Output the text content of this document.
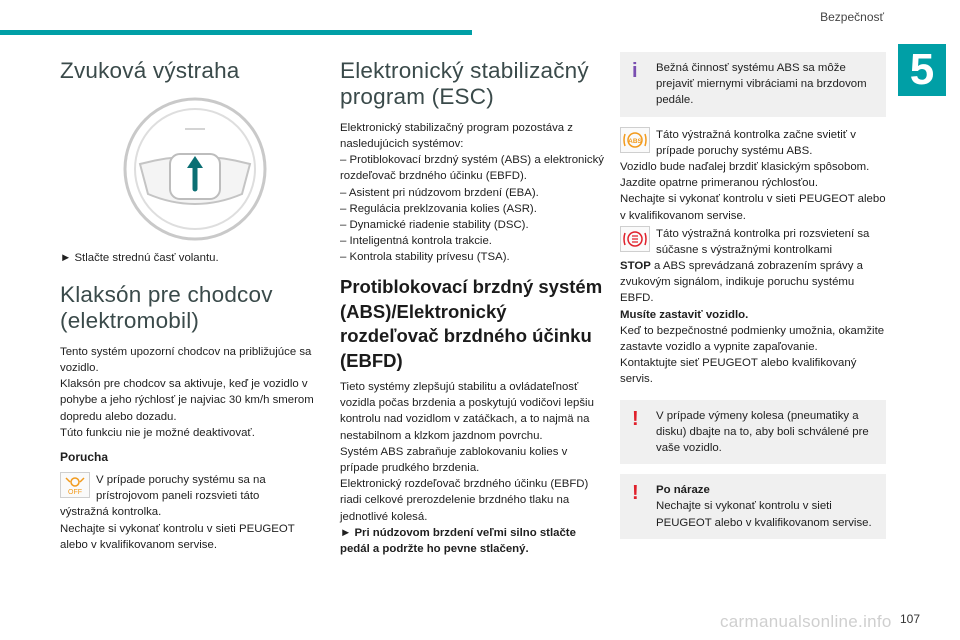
Bezpečnosť
5
Zvuková výstraha

► Stlačte strednú časť volantu.

Klaksón pre chodcov (elektromobil)

Tento systém upozorní chodcov na približujúce sa vozidlo.
Klaksón pre chodcov sa aktivuje, keď je vozidlo v pohybe a jeho rýchlosť je najviac 30 km/h smerom dopredu alebo dozadu.
Túto funkciu nie je možné deaktivovať.

Porucha
OFF

V prípade poruchy systému sa na prístrojovom paneli rozsvieti táto

výstražná kontrolka.
Nechajte si vykonať kontrolu v sieti PEUGEOT alebo v kvalifikovanom servise.

Elektronický stabilizačný program (ESC)

Elektronický stabilizačný program pozostáva z nasledujúcich systémov:
– Protiblokovací brzdný systém (ABS) a elektronický rozdeľovač brzdného účinku (EBFD).
– Asistent pri núdzovom brzdení (EBA).
– Regulácia preklzovania kolies (ASR).
– Dynamické riadenie stability (DSC).
– Inteligentná kontrola trakcie.
– Kontrola stability prívesu (TSA).

Protiblokovací brzdný systém (ABS)/Elektronický rozdeľovač brzdného účinku (EBFD)

Tieto systémy zlepšujú stabilitu a ovládateľnosť vozidla počas brzdenia a poskytujú vodičovi lepšiu kontrolu nad vozidlom v zatáčkach, a to najmä na nestabilnom a klzkom jazdnom povrchu.
Systém ABS zabraňuje zablokovaniu kolies v prípade prudkého brzdenia.
Elektronický rozdeľovač brzdného účinku (EBFD) riadi celkové prerozdelenie brzdného tlaku na jednotlivé kolesá.

► Pri núdzovom brzdení veľmi silno stlačte pedál a podržte ho pevne stlačený.

i	Bežná činnosť systému ABS sa môže prejaviť miernymi vibráciami na brzdovom pedále.

ABS

Táto výstražná kontrolka začne svietiť v prípade poruchy systému ABS.

Vozidlo bude naďalej brzdiť klasickým spôsobom. Jazdite opatrne primeranou rýchlosťou.
Nechajte si vykonať kontrolu v sieti PEUGEOT alebo v kvalifikovanom servise.

Táto výstražná kontrolka pri rozsvietení sa súčasne s výstražnými kontrolkami

STOP a ABS sprevádzaná zobrazením správy a zvukovým signálom, indikuje poruchu systému EBFD.

Musíte zastaviť vozidlo.

Keď to bezpečnostné podmienky umožnia, okamžite zastavte vozidlo a vypnite zapaľovanie.
Kontaktujte sieť PEUGEOT alebo kvalifikovaný servis.

!	V prípade výmeny kolesa (pneumatiky a disku) dbajte na to, aby boli schválené pre vaše vozidlo.

! Po náraze

Nechajte si vykonať kontrolu v sieti PEUGEOT alebo v kvalifikovanom servise.

carmanualsonline.info 107
